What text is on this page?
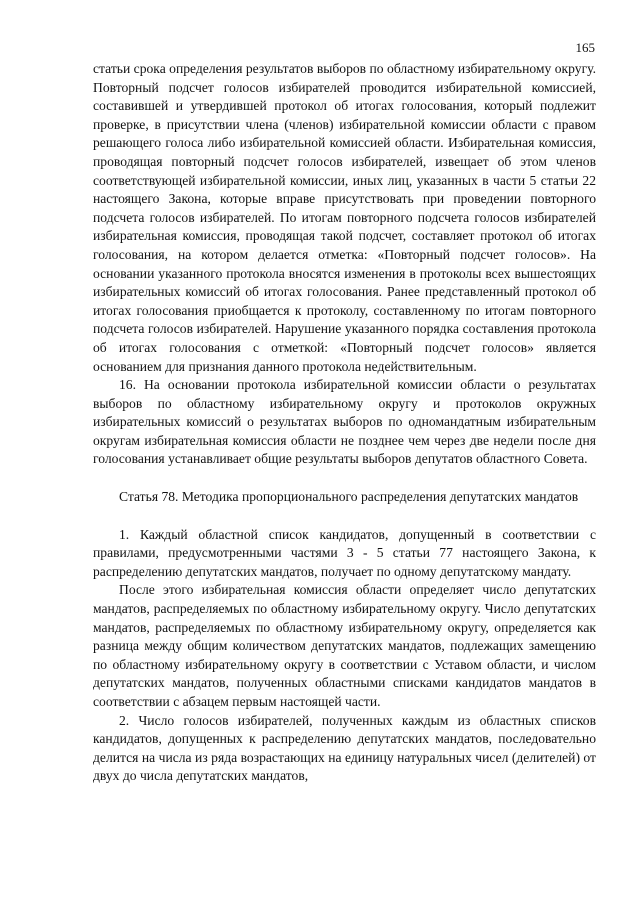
165

статьи срока определения результатов выборов по областному избирательному округу. Повторный подсчет голосов избирателей проводится избирательной комиссией, составившей и утвердившей протокол об итогах голосования, который подлежит проверке, в присутствии члена (членов) избирательной комиссии области с правом решающего голоса либо избирательной комиссией области. Избирательная комиссия, проводящая повторный подсчет голосов избирателей, извещает об этом членов соответствующей избирательной комиссии, иных лиц, указанных в части 5 статьи 22 настоящего Закона, которые вправе присутствовать при проведении повторного подсчета голосов избирателей. По итогам повторного подсчета голосов избирателей избирательная комиссия, проводящая такой подсчет, составляет протокол об итогах голосования, на котором делается отметка: «Повторный подсчет голосов». На основании указанного протокола вносятся изменения в протоколы всех вышестоящих избирательных комиссий об итогах голосования. Ранее представленный протокол об итогах голосования приобщается к протоколу, составленному по итогам повторного подсчета голосов избирателей. Нарушение указанного порядка составления протокола об итогах голосования с отметкой: «Повторный подсчет голосов» является основанием для признания данного протокола недействительным.

16. На основании протокола избирательной комиссии области о результатах выборов по областному избирательному округу и протоколов окружных избирательных комиссий о результатах выборов по одномандатным избирательным округам избирательная комиссия области не позднее чем через две недели после дня голосования устанавливает общие результаты выборов депутатов областного Совета.

Статья 78. Методика пропорционального распределения депутатских мандатов

1. Каждый областной список кандидатов, допущенный в соответствии с правилами, предусмотренными частями 3 - 5 статьи 77 настоящего Закона, к распределению депутатских мандатов, получает по одному депутатскому мандату.

После этого избирательная комиссия области определяет число депутатских мандатов, распределяемых по областному избирательному округу. Число депутатских мандатов, распределяемых по областному избирательному округу, определяется как разница между общим количеством депутатских мандатов, подлежащих замещению по областному избирательному округу в соответствии с Уставом области, и числом депутатских мандатов, полученных областными списками кандидатов мандатов в соответствии с абзацем первым настоящей части.

2. Число голосов избирателей, полученных каждым из областных списков кандидатов, допущенных к распределению депутатских мандатов, последовательно делится на числа из ряда возрастающих на единицу натуральных чисел (делителей) от двух до числа депутатских мандатов,
